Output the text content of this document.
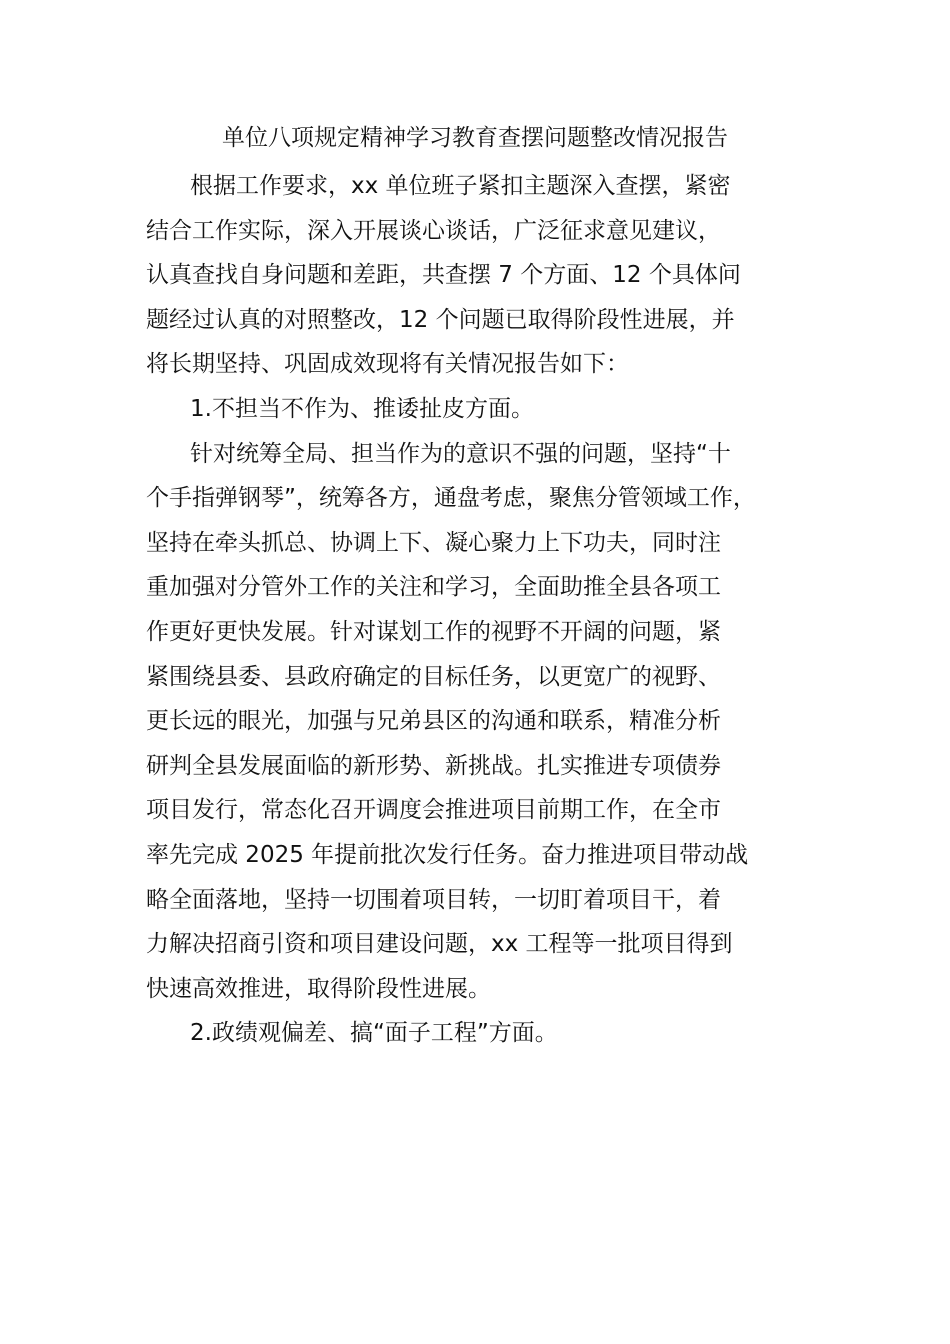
单位八项规定精神学习教育查摆问题整改情况报告
根据工作要求，xx 单位班子紧扣主题深入查摆，紧密
结合工作实际，深入开展谈心谈话，广泛征求意见建议，
认真查找自身问题和差距，共查摆 7 个方面、12 个具体问
题经过认真的对照整改，12 个问题已取得阶段性进展，并
将长期坚持、巩固成效现将有关情况报告如下：
1.不担当不作为、推诿扯皮方面。
针对统筹全局、担当作为的意识不强的问题，坚持“十
个手指弹钢琴”，统筹各方，通盘考虑，聚焦分管领域工作，
坚持在牵头抓总、协调上下、凝心聚力上下功夫，同时注
重加强对分管外工作的关注和学习，全面助推全县各项工
作更好更快发展。针对谋划工作的视野不开阔的问题，紧
紧围绕县委、县政府确定的目标任务，以更宽广的视野、
更长远的眼光，加强与兄弟县区的沟通和联系，精准分析
研判全县发展面临的新形势、新挑战。扎实推进专项债券
项目发行，常态化召开调度会推进项目前期工作，在全市
率先完成 2025 年提前批次发行任务。奋力推进项目带动战
略全面落地，坚持一切围着项目转，一切盯着项目干，着
力解决招商引资和项目建设问题，xx 工程等一批项目得到
快速高效推进，取得阶段性进展。
2.政绩观偏差、搞“面子工程”方面。
